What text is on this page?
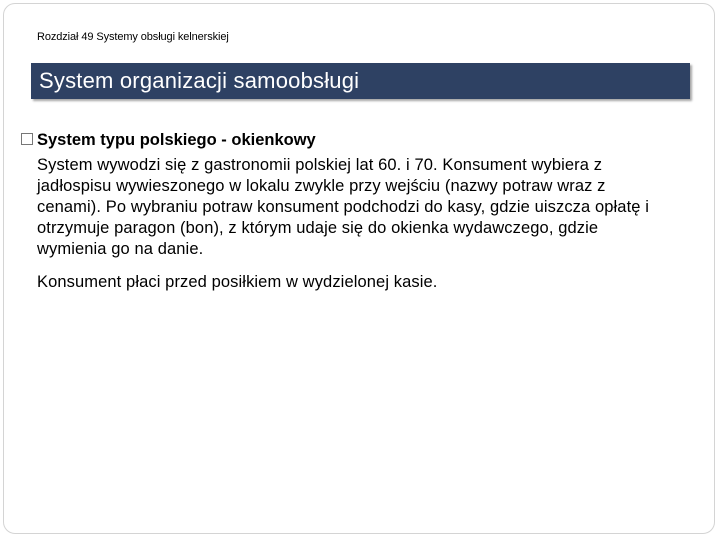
Rozdział 49 Systemy obsługi kelnerskiej
System organizacji samoobsługi
System typu polskiego - okienkowy

System wywodzi się z gastronomii polskiej lat 60. i 70. Konsument wybiera z jadłospisu wywieszonego w lokalu zwykle przy wejściu (nazwy potraw wraz z cenami). Po wybraniu potraw konsument podchodzi do kasy, gdzie uiszcza opłatę i otrzymuje paragon (bon), z którym udaje się do okienka wydawczego, gdzie wymienia go na danie.

Konsument płaci przed posiłkiem w wydzielonej kasie.
